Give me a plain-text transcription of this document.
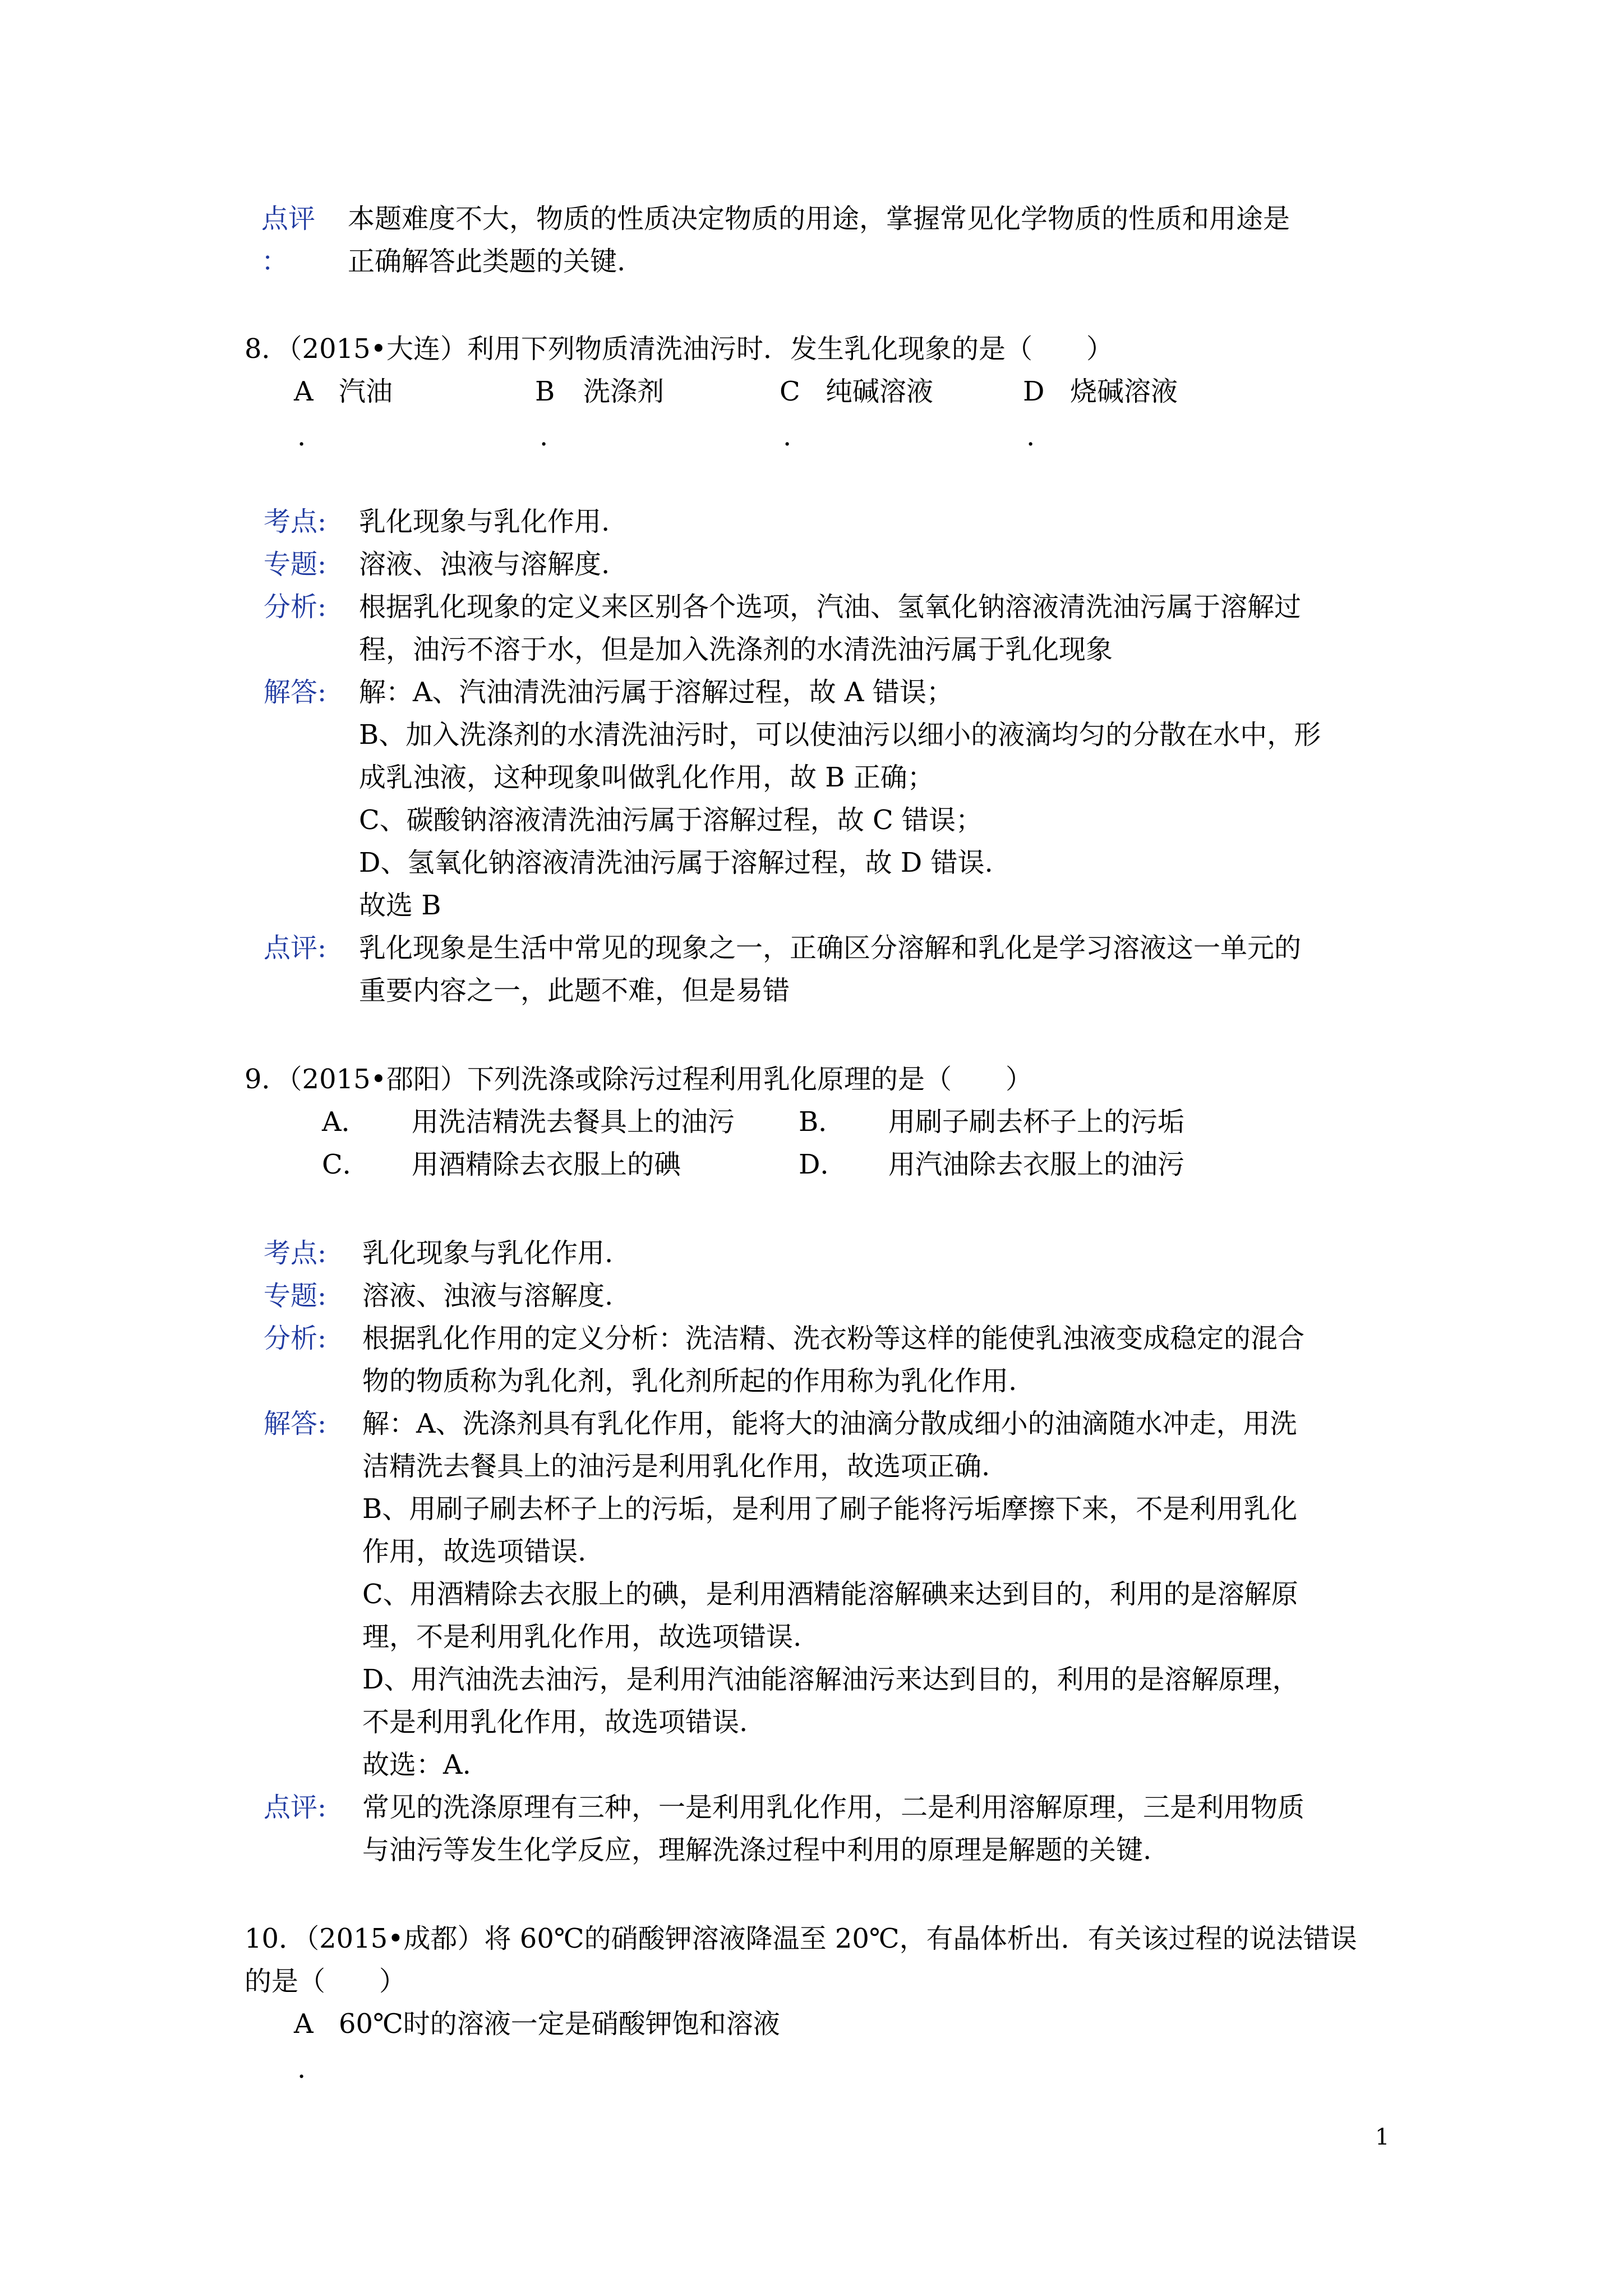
点评
：
本题难度不大，物质的性质决定物质的用途，掌握常见化学物质的性质和用途是
正确解答此类题的关键.
8．（2015•大连）利用下列物质清洗油污时．发生乳化现象的是（　　）
A 汽油	B 洗涤剂	C 纯碱溶液	D 烧碱溶液
.	.	.	.
考点: 乳化现象与乳化作用.
专题: 溶液、浊液与溶解度.
分析: 根据乳化现象的定义来区别各个选项，汽油、氢氧化钠溶液清洗油污属于溶解过
程，油污不溶于水，但是加入洗涤剂的水清洗油污属于乳化现象
解答: 解：A、汽油清洗油污属于溶解过程，故 A 错误；
B、加入洗涤剂的水清洗油污时，可以使油污以细小的液滴均匀的分散在水中，形
成乳浊液，这种现象叫做乳化作用，故 B 正确；
C、碳酸钠溶液清洗油污属于溶解过程，故 C 错误；
D、氢氧化钠溶液清洗油污属于溶解过程，故 D 错误.
故选 B
点评: 乳化现象是生活中常见的现象之一，正确区分溶解和乳化是学习溶液这一单元的
重要内容之一，此题不难，但是易错
9．（2015•邵阳）下列洗涤或除污过程利用乳化原理的是（　　）
A． 用洗洁精洗去餐具上的油污 B． 用刷子刷去杯子上的污垢
C． 用酒精除去衣服上的碘	D． 用汽油除去衣服上的油污
考点: 乳化现象与乳化作用.
专题: 溶液、浊液与溶解度.
分析: 根据乳化作用的定义分析：洗洁精、洗衣粉等这样的能使乳浊液变成稳定的混合
物的物质称为乳化剂，乳化剂所起的作用称为乳化作用.
解答: 解：A、洗涤剂具有乳化作用，能将大的油滴分散成细小的油滴随水冲走，用洗
洁精洗去餐具上的油污是利用乳化作用，故选项正确.
B、用刷子刷去杯子上的污垢，是利用了刷子能将污垢摩擦下来，不是利用乳化
作用，故选项错误.
C、用酒精除去衣服上的碘，是利用酒精能溶解碘来达到目的，利用的是溶解原
理，不是利用乳化作用，故选项错误.
D、用汽油洗去油污，是利用汽油能溶解油污来达到目的，利用的是溶解原理，
不是利用乳化作用，故选项错误.
故选：A.
点评: 常见的洗涤原理有三种，一是利用乳化作用，二是利用溶解原理，三是利用物质
与油污等发生化学反应，理解洗涤过程中利用的原理是解题的关键.
10．（2015•成都）将 60℃的硝酸钾溶液降温至 20℃，有晶体析出．有关该过程的说法错误
的是（　　）
A 60℃时的溶液一定是硝酸钾饱和溶液
.
1
